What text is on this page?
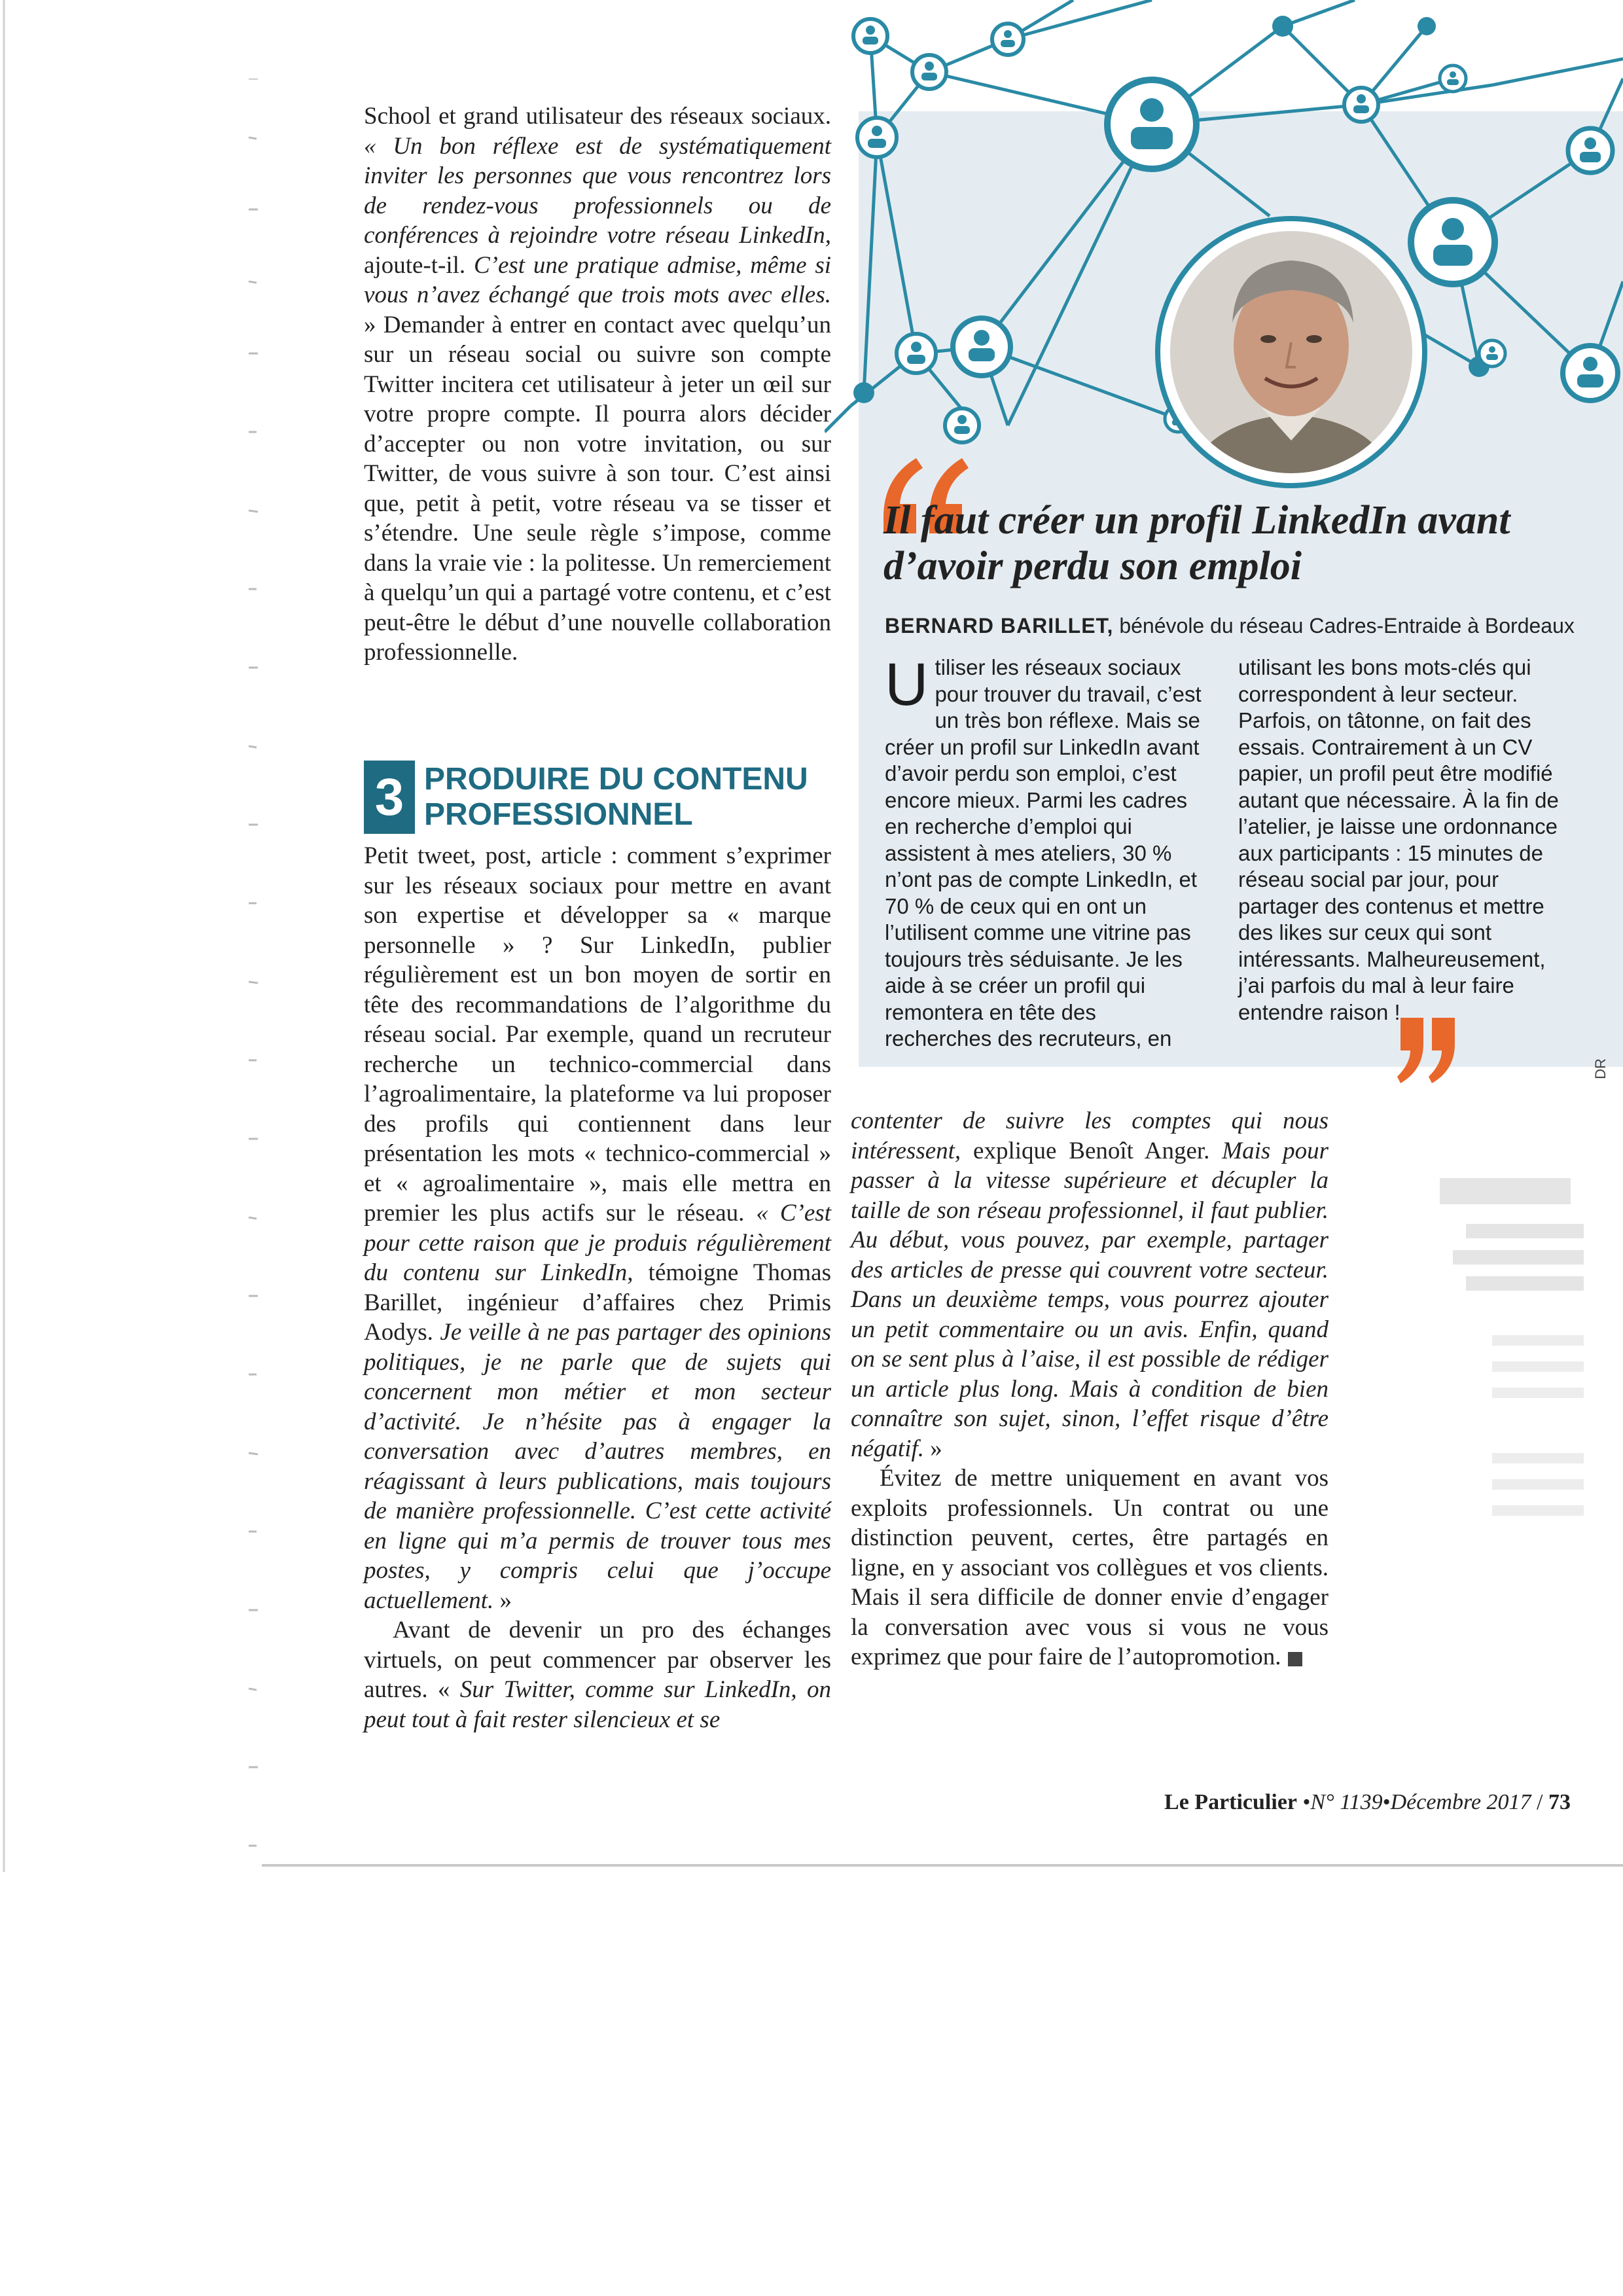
Il faut créer un profil LinkedIn avant d’avoir perdu son emploi
BERNARD BARILLET, bénévole du réseau Cadres-Entraide à Bordeaux
Utiliser les réseaux sociaux pour trouver du travail, c’est un très bon réflexe. Mais se créer un profil sur LinkedIn avant d’avoir perdu son emploi, c’est encore mieux. Parmi les cadres en recherche d’emploi qui assistent à mes ateliers, 30 % n’ont pas de compte LinkedIn, et 70 % de ceux qui en ont un l’utilisent comme une vitrine pas toujours très séduisante. Je les aide à se créer un profil qui remontera en tête des recherches des recruteurs, en
utilisant les bons mots-clés qui correspondent à leur secteur. Parfois, on tâtonne, on fait des essais. Contrairement à un CV papier, un profil peut être modifié autant que nécessaire. À la fin de l’atelier, je laisse une ordonnance aux participants : 15 minutes de réseau social par jour, pour partager des contenus et mettre des likes sur ceux qui sont intéressants. Malheureusement, j’ai parfois du mal à leur faire entendre raison !
DR

School et grand utilisateur des réseaux sociaux. « Un bon réflexe est de systématiquement inviter les personnes que vous rencontrez lors de rendez-vous professionnels ou de conférences à rejoindre votre réseau LinkedIn, ajoute-t-il. C’est une pratique admise, même si vous n’avez échangé que trois mots avec elles. » Demander à entrer en contact avec quelqu’un sur un réseau social ou suivre son compte Twitter incitera cet utilisateur à jeter un œil sur votre propre compte. Il pourra alors décider d’accepter ou non votre invitation, ou sur Twitter, de vous suivre à son tour. C’est ainsi que, petit à petit, votre réseau va se tisser et s’étendre. Une seule règle s’impose, comme dans la vraie vie : la politesse. Un remerciement à quelqu’un qui a partagé votre contenu, et c’est peut-être le début d’une nouvelle collaboration professionnelle.

3 PRODUIRE DU CONTENU PROFESSIONNEL

Petit tweet, post, article : comment s’exprimer sur les réseaux sociaux pour mettre en avant son expertise et développer sa « marque personnelle » ? Sur LinkedIn, publier régulièrement est un bon moyen de sortir en tête des recommandations de l’algorithme du réseau social. Par exemple, quand un recruteur recherche un technico-commercial dans l’agroalimentaire, la plateforme va lui proposer des profils qui contiennent dans leur présentation les mots « technico-commercial » et « agroalimentaire », mais elle mettra en premier les plus actifs sur le réseau. « C’est pour cette raison que je produis régulièrement du contenu sur LinkedIn, témoigne Thomas Barillet, ingénieur d’affaires chez Primis Aodys. Je veille à ne pas partager des opinions politiques, je ne parle que de sujets qui concernent mon métier et mon secteur d’activité. Je n’hésite pas à engager la conversation avec d’autres membres, en réagissant à leurs publications, mais toujours de manière professionnelle. C’est cette activité en ligne qui m’a permis de trouver tous mes postes, y compris celui que j’occupe actuellement. »

Avant de devenir un pro des échanges virtuels, on peut commencer par observer les autres. « Sur Twitter, comme sur LinkedIn, on peut tout à fait rester silencieux et se

contenter de suivre les comptes qui nous intéressent, explique Benoît Anger. Mais pour passer à la vitesse supérieure et décupler la taille de son réseau professionnel, il faut publier. Au début, vous pouvez, par exemple, partager des articles de presse qui couvrent votre secteur. Dans un deuxième temps, vous pourrez ajouter un petit commentaire ou un avis. Enfin, quand on se sent plus à l’aise, il est possible de rédiger un article plus long. Mais à condition de bien connaître son sujet, sinon, l’effet risque d’être négatif. »

Évitez de mettre uniquement en avant vos exploits professionnels. Un contrat ou une distinction peuvent, certes, être partagés en ligne, en y associant vos collègues et vos clients. Mais il sera difficile de donner envie d’engager la conversation avec vous si vous ne vous exprimez que pour faire de l’autopromotion.

Le Particulier •N° 1139•Décembre 2017 / 73
